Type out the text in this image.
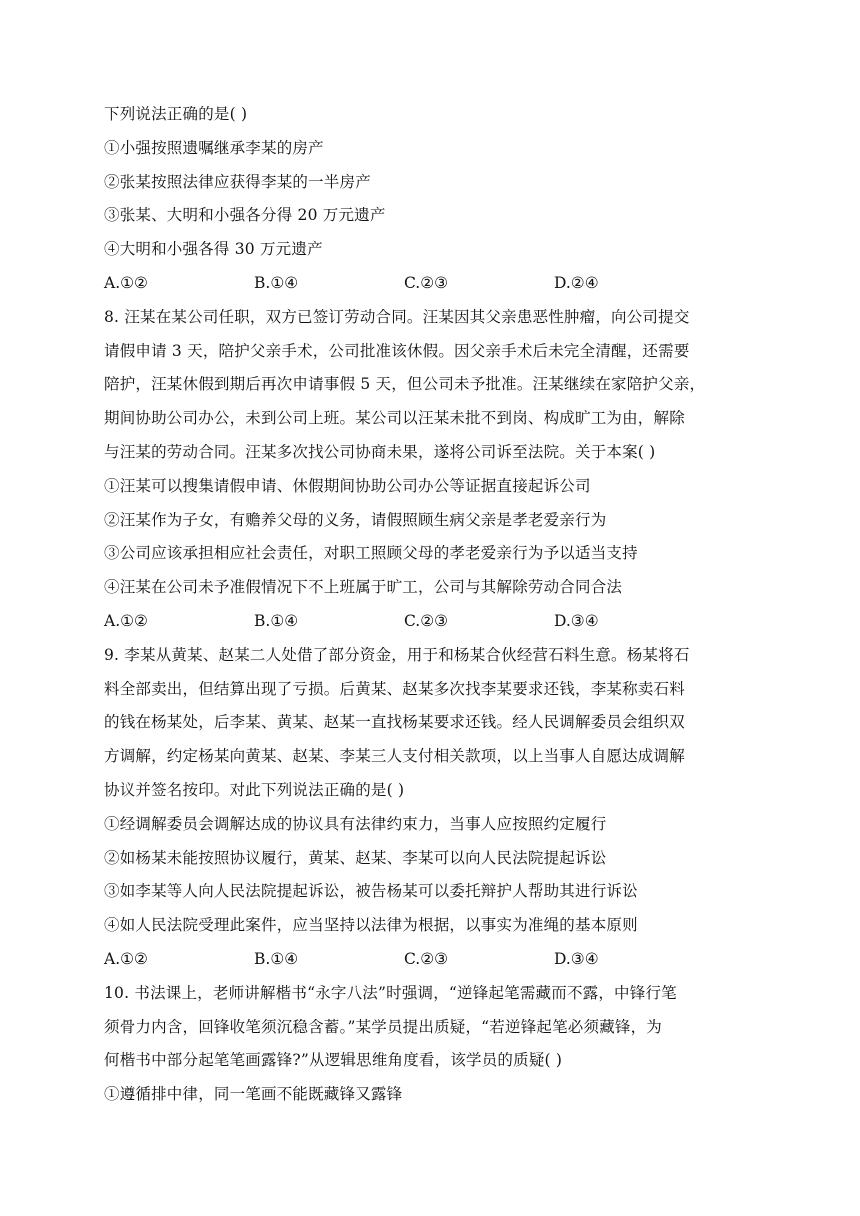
下列说法正确的是( )
①小强按照遗嘱继承李某的房产
②张某按照法律应获得李某的一半房产
③张某、大明和小强各分得 20 万元遗产
④大明和小强各得 30 万元遗产
A.①②	B.①④	C.②③	D.②④
8. 汪某在某公司任职，双方已签订劳动合同。汪某因其父亲患恶性肿瘤，向公司提交
请假申请 3 天，陪护父亲手术，公司批准该休假。因父亲手术后未完全清醒，还需要
陪护，汪某休假到期后再次申请事假 5 天，但公司未予批准。汪某继续在家陪护父亲，
期间协助公司办公，未到公司上班。某公司以汪某未批不到岗、构成旷工为由，解除
与汪某的劳动合同。汪某多次找公司协商未果，遂将公司诉至法院。关于本案( )
①汪某可以搜集请假申请、休假期间协助公司办公等证据直接起诉公司
②汪某作为子女，有赡养父母的义务，请假照顾生病父亲是孝老爱亲行为
③公司应该承担相应社会责任，对职工照顾父母的孝老爱亲行为予以适当支持
④汪某在公司未予准假情况下不上班属于旷工，公司与其解除劳动合同合法
A.①②	B.①④	C.②③	D.③④
9. 李某从黄某、赵某二人处借了部分资金，用于和杨某合伙经营石料生意。杨某将石
料全部卖出，但结算出现了亏损。后黄某、赵某多次找李某要求还钱，李某称卖石料
的钱在杨某处，后李某、黄某、赵某一直找杨某要求还钱。经人民调解委员会组织双
方调解，约定杨某向黄某、赵某、李某三人支付相关款项，以上当事人自愿达成调解
协议并签名按印。对此下列说法正确的是( )
①经调解委员会调解达成的协议具有法律约束力，当事人应按照约定履行
②如杨某未能按照协议履行，黄某、赵某、李某可以向人民法院提起诉讼
③如李某等人向人民法院提起诉讼，被告杨某可以委托辩护人帮助其进行诉讼
④如人民法院受理此案件，应当坚持以法律为根据，以事实为准绳的基本原则
A.①②	B.①④	C.②③	D.③④
10. 书法课上，老师讲解楷书“永字八法”时强调，“逆锋起笔需藏而不露，中锋行笔
须骨力内含，回锋收笔须沉稳含蓄。”某学员提出质疑，“若逆锋起笔必须藏锋，为
何楷书中部分起笔笔画露锋?”从逻辑思维角度看，该学员的质疑( )
①遵循排中律，同一笔画不能既藏锋又露锋
